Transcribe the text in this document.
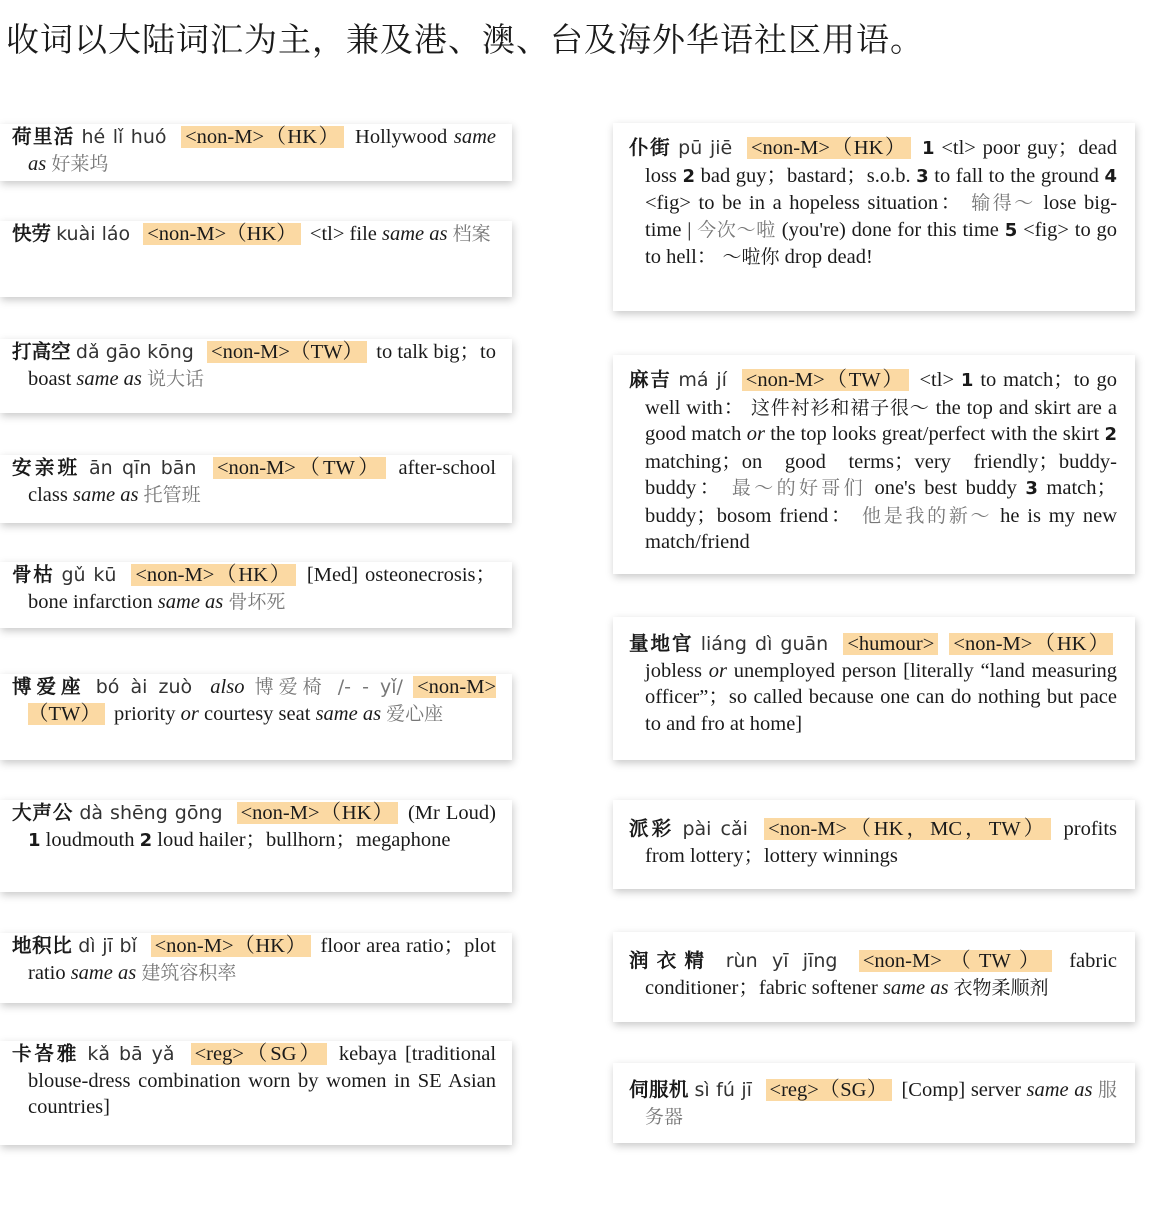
收词以大陆词汇为主，兼及港、澳、台及海外华语社区用语。

荷里活 hé lǐ huó <non-M>（HK） Hollywood same as 好莱坞

快劳 kuài láo <non-M>（HK） <tl> file same as 档案

打高空 dǎ gāo kōng <non-M>（TW） to talk big；to boast same as 说大话

安亲班 ān qīn bān <non-M>（TW） after-school class same as 托管班

骨枯 gǔ kū <non-M>（HK） [Med] osteonecrosis；bone infarction same as 骨坏死

博爱座 bó ài zuò also 博爱椅 /- - yǐ/ <non-M>（TW） priority or courtesy seat same as 爱心座

大声公 dà shēng gōng <non-M>（HK） (Mr Loud) 1 loudmouth 2 loud hailer；bullhorn；megaphone

地积比 dì jī bǐ <non-M>（HK） floor area ratio；plot ratio same as 建筑容积率

卡峇雅 kǎ bā yǎ <reg>（SG） kebaya [traditional blouse-dress combination worn by women in SE Asian countries]

仆街 pū jiē <non-M>（HK） 1 <tl> poor guy；dead loss 2 bad guy；bastard；s.o.b. 3 to fall to the ground 4 <fig> to be in a hopeless situation： 输得～ lose big-time | 今次～啦 (you're) done for this time 5 <fig> to go to hell： ～啦你 drop dead!

麻吉 má jí <non-M>（TW） <tl> 1 to match；to go well with： 这件衬衫和裙子很～ the top and skirt are a good match or the top looks great/perfect with the skirt 2 matching；on good terms；very friendly；buddy-buddy： 最～的好哥们 one's best buddy 3 match；buddy；bosom friend： 他是我的新～ he is my new match/friend

量地官 liáng dì guān <humour> <non-M>（HK） jobless or unemployed person [literally “land measuring officer”；so called because one can do nothing but pace to and fro at home]

派彩 pài cǎi <non-M>（HK，MC，TW） profits from lottery；lottery winnings

润衣精 rùn yī jīng <non-M>（TW） fabric conditioner；fabric softener same as 衣物柔顺剂

伺服机 sì fú jī <reg>（SG） [Comp] server same as 服务器
